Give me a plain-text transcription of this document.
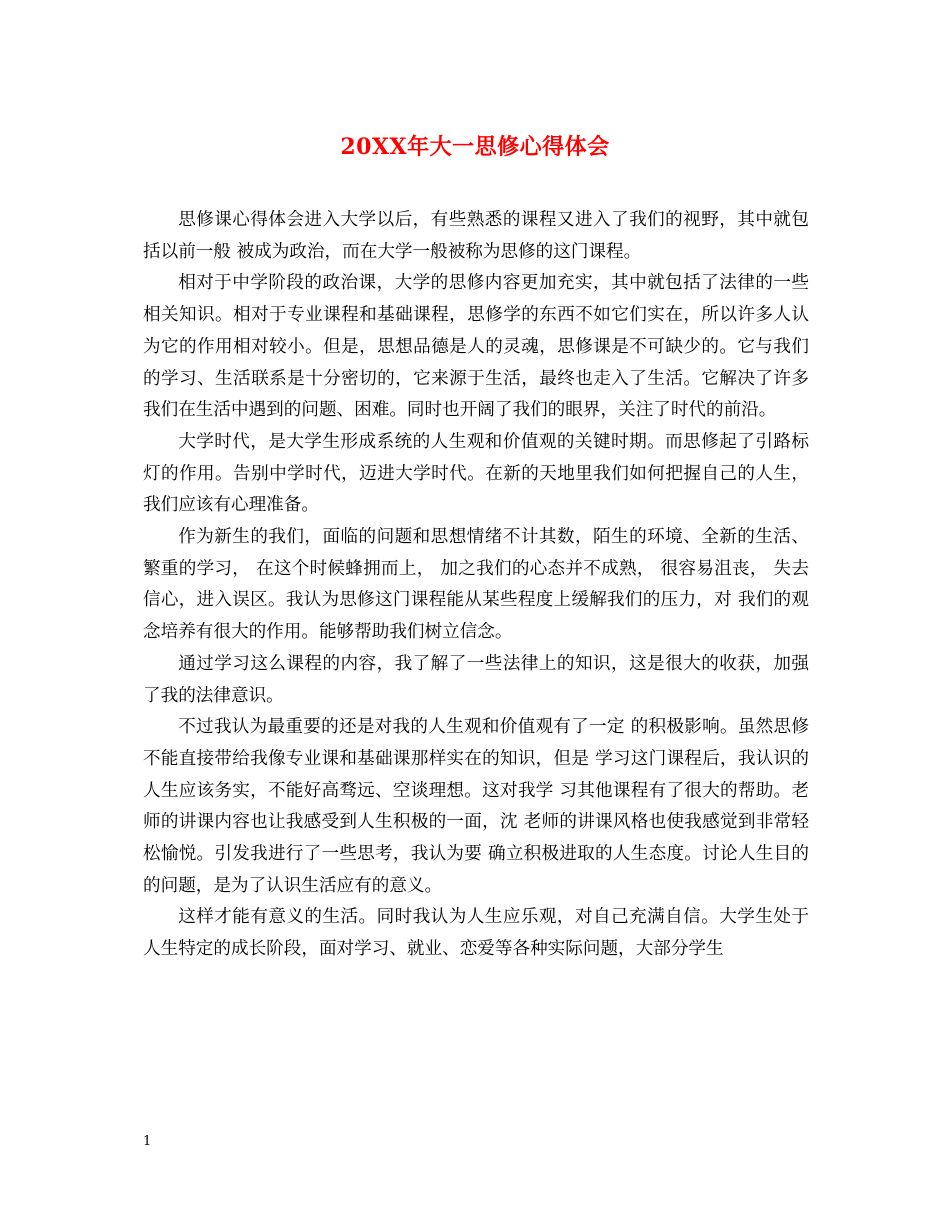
20XX年大一思修心得体会

思修课心得体会进入大学以后，有些熟悉的课程又进入了我们的视野，其中就包括以前一般 被成为政治，而在大学一般被称为思修的这门课程。

相对于中学阶段的政治课，大学的思修内容更加充实，其中就包括了法律的一些相关知识。相对于专业课程和基础课程，思修学的东西不如它们实在，所以许多人认为它的作用相对较小。但是，思想品德是人的灵魂，思修课是不可缺少的。它与我们的学习、生活联系是十分密切的，它来源于生活，最终也走入了生活。它解决了许多我们在生活中遇到的问题、困难。同时也开阔了我们的眼界，关注了时代的前沿。

大学时代，是大学生形成系统的人生观和价值观的关键时期。而思修起了引路标灯的作用。告别中学时代，迈进大学时代。在新的天地里我们如何把握自己的人生，我们应该有心理准备。

作为新生的我们，面临的问题和思想情绪不计其数，陌生的环境、全新的生活、 繁重的学习， 在这个时候蜂拥而上， 加之我们的心态并不成熟， 很容易沮丧， 失去信心，进入误区。我认为思修这门课程能从某些程度上缓解我们的压力，对 我们的观念培养有很大的作用。能够帮助我们树立信念。

通过学习这么课程的内容，我了解了一些法律上的知识，这是很大的收获，加强了我的法律意识。

不过我认为最重要的还是对我的人生观和价值观有了一定 的积极影响。虽然思修不能直接带给我像专业课和基础课那样实在的知识，但是 学习这门课程后，我认识的人生应该务实，不能好高骛远、空谈理想。这对我学 习其他课程有了很大的帮助。老师的讲课内容也让我感受到人生积极的一面，沈 老师的讲课风格也使我感觉到非常轻松愉悦。引发我进行了一些思考，我认为要 确立积极进取的人生态度。讨论人生目的的问题，是为了认识生活应有的意义。

这样才能有意义的生活。同时我认为人生应乐观，对自己充满自信。大学生处于 人生特定的成长阶段，面对学习、就业、恋爱等各种实际问题，大部分学生

1
